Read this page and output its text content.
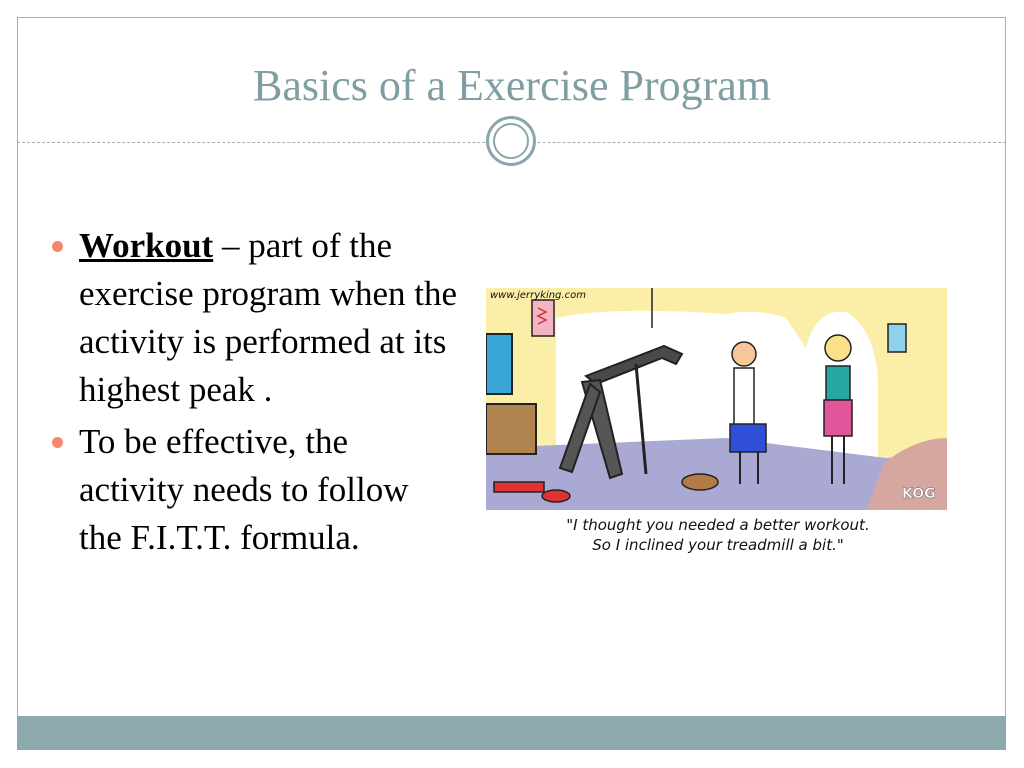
Basics of a Exercise Program
Workout – part of the exercise program when the activity is performed at its highest peak .
To be effective, the activity needs to follow the F.I.T.T. formula.
www.jerryking.com
KOG
"I thought you needed a better workout.
So I inclined your treadmill a bit."
